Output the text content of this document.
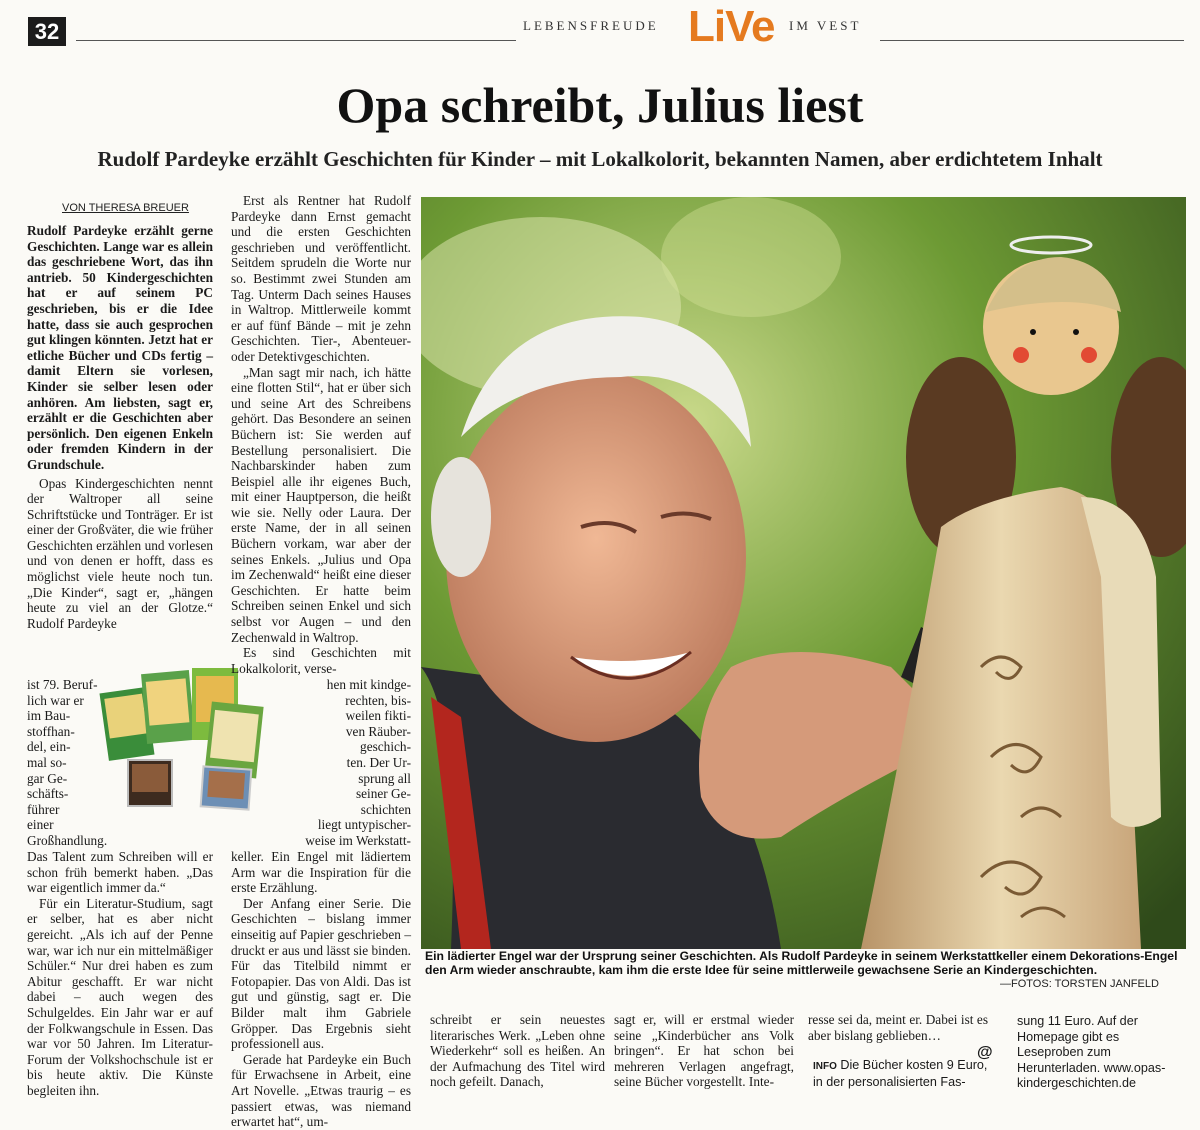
32	LEBENSFREUDE LiVe IM VEST
Opa schreibt, Julius liest
Rudolf Pardeyke erzählt Geschichten für Kinder – mit Lokalkolorit, bekannten Namen, aber erdichtetem Inhalt
VON THERESA BREUER

Rudolf Pardeyke erzählt gerne Geschichten. Lange war es allein das geschriebene Wort, das ihn antrieb. 50 Kindergeschichten hat er auf seinem PC geschrieben, bis er die Idee hatte, dass sie auch gesprochen gut klingen könnten. Jetzt hat er etliche Bücher und CDs fertig – damit Eltern sie vorlesen, Kinder sie selber lesen oder anhören. Am liebsten, sagt er, erzählt er die Geschichten aber persönlich. Den eigenen Enkeln oder fremden Kindern in der Grundschule.

Opas Kindergeschichten nennt der Waltroper all seine Schriftstücke und Tonträger. Er ist einer der Großväter, die wie früher Geschichten erzählen und vorlesen und von denen er hofft, dass es möglichst viele heute noch tun. „Die Kinder“, sagt er, „hängen heute zu viel an der Glotze.“ Rudolf Pardeyke

ist 79. Beruf-
lich war er
im Bau-
stoffhan-
del, ein-
mal so-
gar Ge-
schäfts-
führer
einer
Großhandlung.

Das Talent zum Schreiben will er schon früh bemerkt haben. „Das war eigentlich immer da.“

Für ein Literatur-Studium, sagt er selber, hat es aber nicht gereicht. „Als ich auf der Penne war, war ich nur ein mittelmäßiger Schüler.“ Nur drei haben es zum Abitur geschafft. Er war nicht dabei – auch wegen des Schulgeldes. Ein Jahr war er auf der Folkwangschule in Essen. Das war vor 50 Jahren. Im Literatur-Forum der Volkshochschule ist er bis heute aktiv. Die Künste begleiten ihn.

Erst als Rentner hat Rudolf Pardeyke dann Ernst gemacht und die ersten Geschichten geschrieben und veröffentlicht. Seitdem sprudeln die Worte nur so. Bestimmt zwei Stunden am Tag. Unterm Dach seines Hauses in Waltrop. Mittlerweile kommt er auf fünf Bände – mit je zehn Geschichten. Tier-, Abenteuer- oder Detektivgeschichten.

„Man sagt mir nach, ich hätte eine flotten Stil“, hat er über sich und seine Art des Schreibens gehört. Das Besondere an seinen Büchern ist: Sie werden auf Bestellung personalisiert. Die Nachbarskinder haben zum Beispiel alle ihr eigenes Buch, mit einer Hauptperson, die heißt wie sie. Nelly oder Laura. Der erste Name, der in all seinen Büchern vorkam, war aber der seines Enkels. „Julius und Opa im Zechenwald“ heißt eine dieser Geschichten. Er hatte beim Schreiben seinen Enkel und sich selbst vor Augen – und den Zechenwald in Waltrop.

Es sind Geschichten mit Lokalkolorit, verse-

hen mit kindge-
rechten, bis-
weilen fikti-
ven Räuber-
geschich-
ten. Der Ur-
sprung all
seiner Ge-
schichten
liegt untypischer-
weise im Werkstatt-

keller. Ein Engel mit lädiertem Arm war die Inspiration für die erste Erzählung.

Der Anfang einer Serie. Die Geschichten – bislang immer einseitig auf Papier geschrieben – druckt er aus und lässt sie binden. Für das Titelbild nimmt er Fotopapier. Das von Aldi. Das ist gut und günstig, sagt er. Die Bilder malt ihm Gabriele Gröpper. Das Ergebnis sieht professionell aus.

Gerade hat Pardeyke ein Buch für Erwachsene in Arbeit, eine Art Novelle. „Etwas traurig – es passiert etwas, was niemand erwartet hat“, um-

Ein lädierter Engel war der Ursprung seiner Geschichten. Als Rudolf Pardeyke in seinem Werkstattkeller einem Dekorations-Engel den Arm wieder anschraubte, kam ihm die erste Idee für seine mittlerweile gewachsene Serie an Kindergeschichten.
—FOTOS: TORSTEN JANFELD
schreibt er sein neuestes literarisches Werk. „Leben ohne Wiederkehr“ soll es heißen. An der Aufmachung des Titel wird noch gefeilt. Danach,
sagt er, will er erstmal wieder seine „Kinderbücher ans Volk bringen“. Er hat schon bei mehreren Verlagen angefragt, seine Bücher vorgestellt. Inte-
resse sei da, meint er. Dabei ist es aber bislang geblieben…
INFO Die Bücher kosten 9 Euro, in der personalisierten Fas-
@
sung 11 Euro. Auf der Homepage gibt es Leseproben zum Herunterladen. www.opas-kindergeschichten.de
